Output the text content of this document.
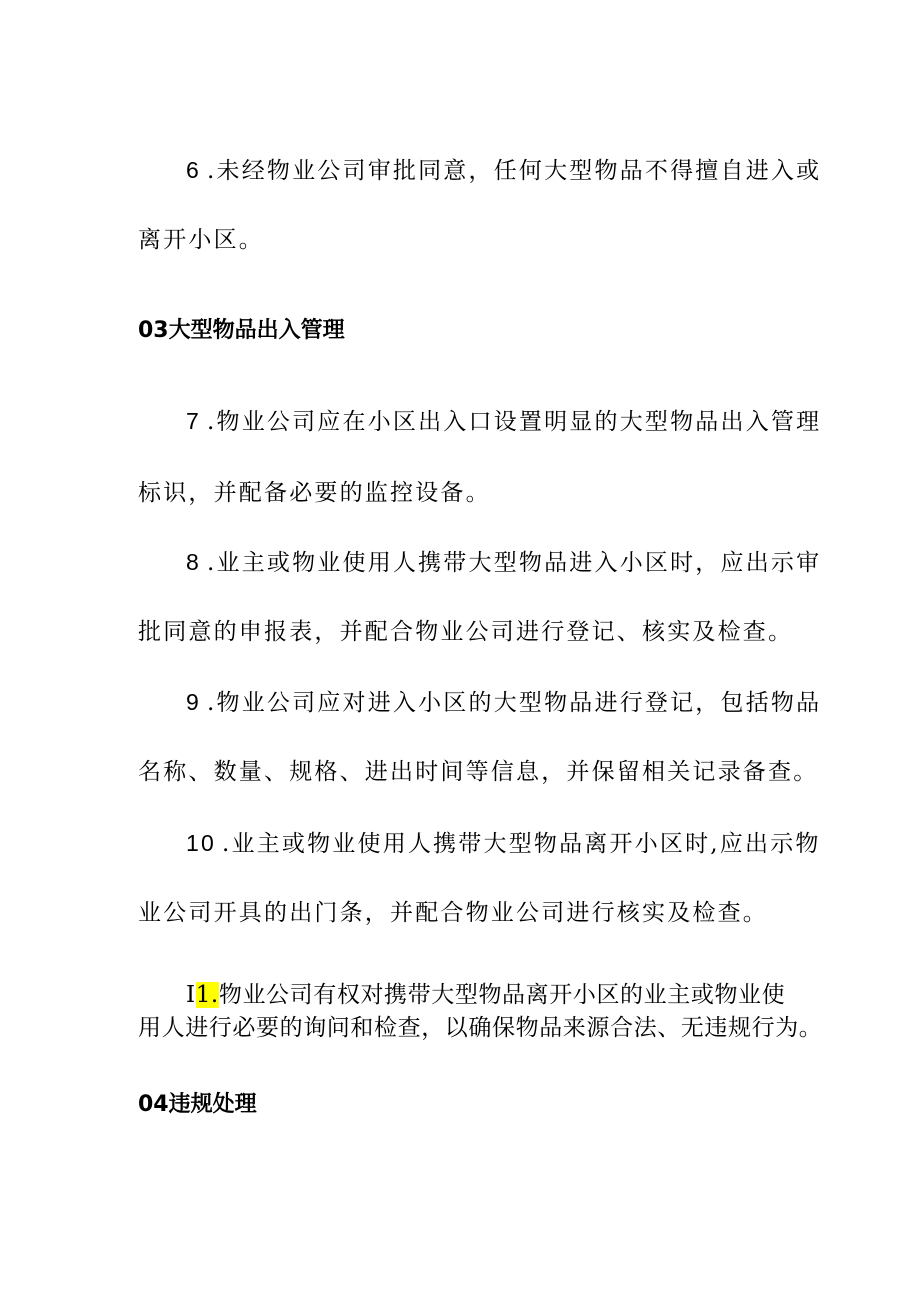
6 .未经物业公司审批同意，任何大型物品不得擅自进入或
离开小区。
03大型物品出入管理
7 .物业公司应在小区出入口设置明显的大型物品出入管理
标识，并配备必要的监控设备。
8 .业主或物业使用人携带大型物品进入小区时，应出示审
批同意的申报表，并配合物业公司进行登记、核实及检查。
9 .物业公司应对进入小区的大型物品进行登记，包括物品
名称、数量、规格、进出时间等信息，并保留相关记录备查。
10 .业主或物业使用人携带大型物品离开小区时,应出示物
业公司开具的出门条，并配合物业公司进行核实及检查。
I1.物业公司有权对携带大型物品离开小区的业主或物业使
用人进行必要的询问和检查，以确保物品来源合法、无违规行为。
04违规处理
